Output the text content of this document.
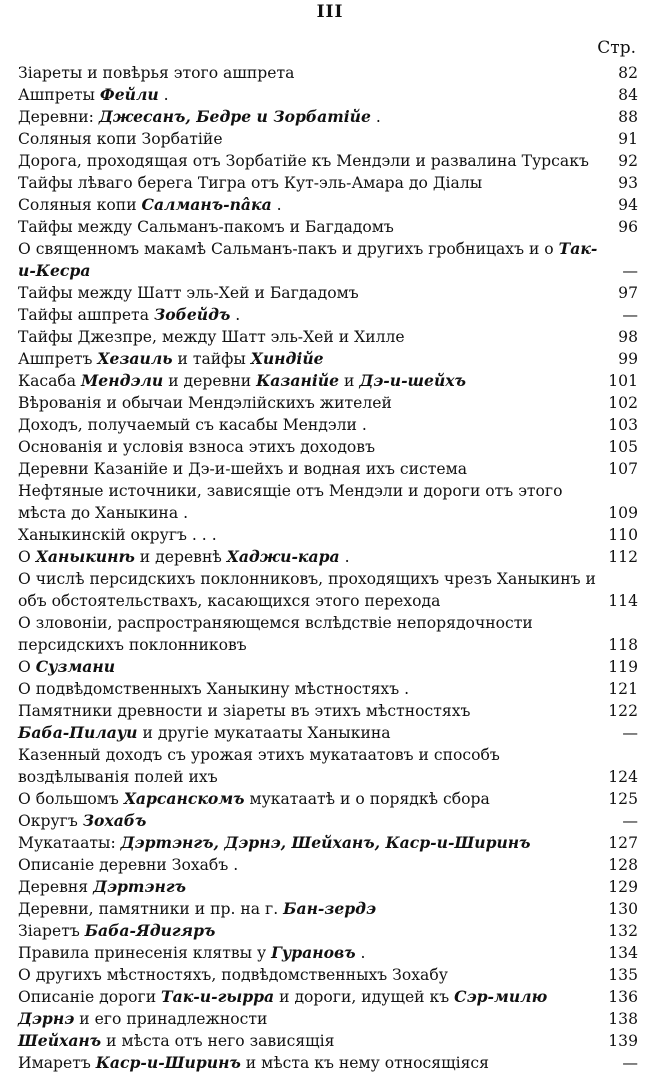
III
Стр.
Зіареты и повѣрья этого ашпрета	82
Ашпреты Фейли .	84
Деревни: Джесанъ, Бедре и Зорбатійе .	88
Соляныя копи Зорбатійе	91
Дорога, проходящая отъ Зорбатійе къ Мендэли и развалина Турсакъ	92
Тайфы лѣваго берега Тигра отъ Кут-эль-Амара до Діалы	93
Соляныя копи Салманъ-пâка .	94
Тайфы между Сальманъ-пакомъ и Багдадомъ	96
О священномъ макамѣ Сальманъ-пакъ и другихъ гробницахъ и о Так-и-Кесра	—
Тайфы между Шатт эль-Хей и Багдадомъ	97
Тайфы ашпрета Зобейдъ .	—
Тайфы Джезпре, между Шатт эль-Хей и Хилле	98
Ашпретъ Хезаиль и тайфы Хиндійе	99
Касаба Мендэли и деревни Казанійе и Дэ-и-шейхъ	101
Вѣрованія и обычаи Мендэлійскихъ жителей	102
Доходъ, получаемый съ касабы Мендэли .	103
Основанія и условія взноса этихъ доходовъ	105
Деревни Казанійе и Дэ-и-шейхъ и водная ихъ система	107
Нефтяные источники, зависящіе отъ Мендэли и дороги отъ этого мѣста до Ханыкина .	109
Ханыкинскій округъ . . .	110
О Ханыкинѣ и деревнѣ Хаджи-кара .	112
О числѣ персидскихъ поклонниковъ, проходящихъ чрезъ Ханыкинъ и объ обстоятельствахъ, касающихся этого перехода	114
О зловоніи, распространяющемся вслѣдствіе непорядочности персидскихъ поклонниковъ	118
О Сузмани	119
О подвѣдомственныхъ Ханыкину мѣстностяхъ .	121
Памятники древности и зіареты въ этихъ мѣстностяхъ	122
Баба-Пилауи и другіе мукатааты Ханыкина	—
Казенный доходъ съ урожая этихъ мукатаатовъ и способъ воздѣлыванія полей ихъ	124
О большомъ Харсанскомъ мукатаатѣ и о порядкѣ сбора	125
Округъ Зохабъ	—
Мукатааты: Дэртэнгъ, Дэрнэ, Шейханъ, Каср-и-Ширинъ	127
Описаніе деревни Зохабъ .	128
Деревня Дэртэнгъ	129
Деревни, памятники и пр. на г. Бан-зердэ	130
Зіаретъ Баба-Ядигяръ	132
Правила принесенія клятвы у Гурановъ .	134
О другихъ мѣстностяхъ, подвѣдомственныхъ Зохабу	135
Описаніе дороги Так-и-гырра и дороги, идущей къ Сэр-милю	136
Дэрнэ и его принадлежности	138
Шейханъ и мѣста отъ него зависящія	139
Имаретъ Каср-и-Ширинъ и мѣста къ нему относящіяся	—
